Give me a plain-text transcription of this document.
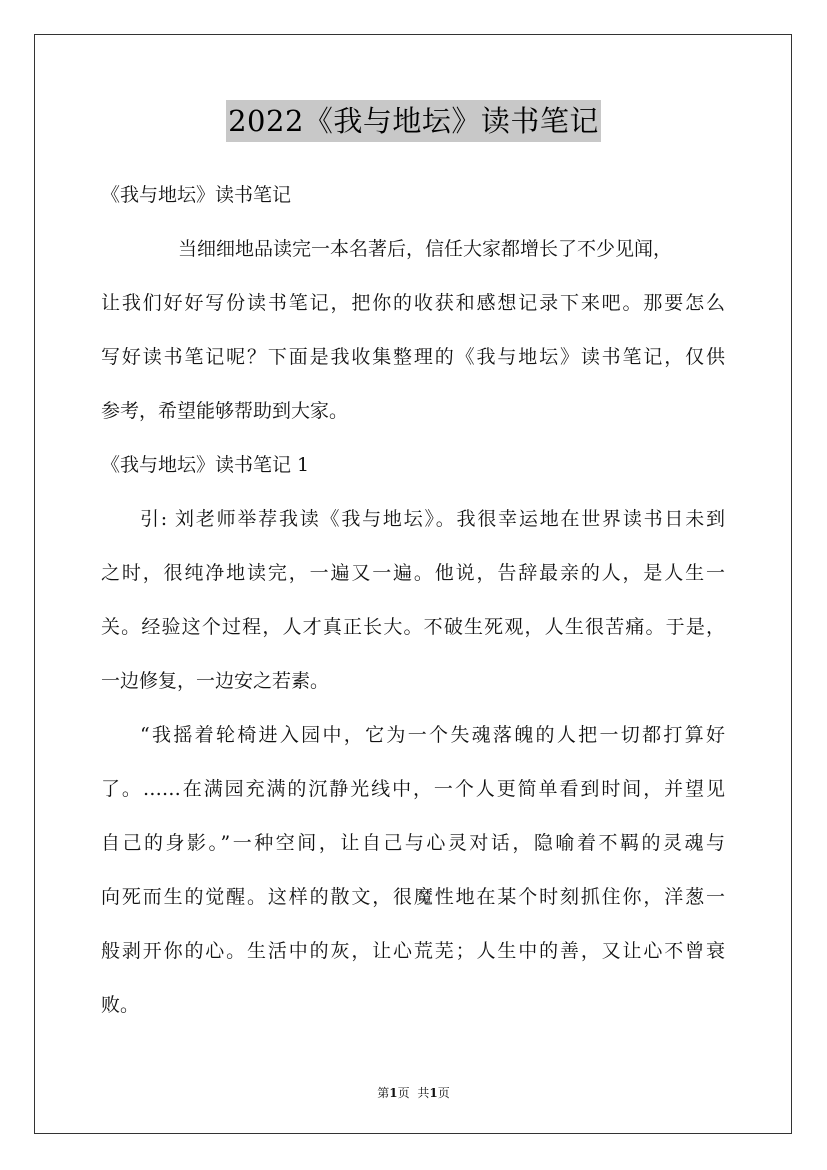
2022《我与地坛》读书笔记
《我与地坛》读书笔记
当细细地品读完一本名著后，信任大家都增长了不少见闻，
让我们好好写份读书笔记，把你的收获和感想记录下来吧。那要怎么
写好读书笔记呢？下面是我收集整理的《我与地坛》读书笔记，仅供
参考，希望能够帮助到大家。
《我与地坛》读书笔记 1
引: 刘老师举荐我读《我与地坛》。我很幸运地在世界读书日未到
之时，很纯净地读完，一遍又一遍。他说，告辞最亲的人，是人生一
关。经验这个过程，人才真正长大。不破生死观，人生很苦痛。于是，
一边修复，一边安之若素。
“我摇着轮椅进入园中，它为一个失魂落魄的人把一切都打算好
了。……在满园充满的沉静光线中，一个人更简单看到时间，并望见
自己的身影。”一种空间，让自己与心灵对话，隐喻着不羁的灵魂与
向死而生的觉醒。这样的散文，很魔性地在某个时刻抓住你，洋葱一
般剥开你的心。生活中的灰，让心荒芜；人生中的善，又让心不曾衰
败。
第1页 共1页
